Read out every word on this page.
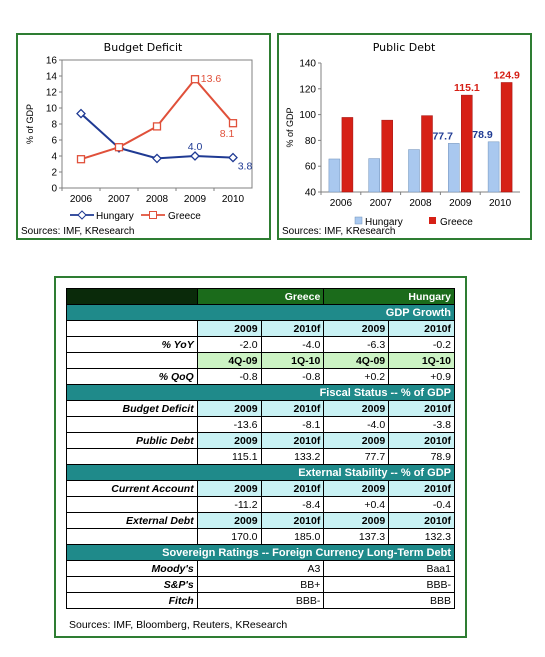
Budget Deficit
0
2
4
6
8
10
12
14
16
2006 2007 2008 2009 2010
% of GDP
4.0
3.8
13.6
8.1
Hungary	Greece
Sources: IMF, KResearch
Public Debt
40
60
80
100
120
140
2006 2007 2008 2009 2010
% of GDP	77.7 78.9
115.1
124.9
Hungary	Greece
Sources: IMF, KResearch
	Greece		Hungary	
GDP Growth				
	2009	2010f	2009	2010f
% YoY	-2.0	-4.0	-6.3	-0.2
	4Q-09	1Q-10	4Q-09	1Q-10
% QoQ	-0.8	-0.8	+0.2	+0.9
Fiscal Status -- % of GDP				
Budget Deficit	2009	2010f	2009	2010f
	-13.6	-8.1	-4.0	-3.8
Public Debt	2009	2010f	2009	2010f
	115.1	133.2	77.7	78.9
External Stability -- % of GDP				
Current Account	2009	2010f	2009	2010f
	-11.2	-8.4	+0.4	-0.4
External Debt	2009	2010f	2009	2010f
	170.0	185.0	137.3	132.3
Sovereign Ratings -- Foreign Currency Long-Term Debt				
Moody's	A3		Baa1	
S&P's	BB+		BBB-	
Fitch	BBB-		BBB	
Sources: IMF, Bloomberg, Reuters, KResearch
